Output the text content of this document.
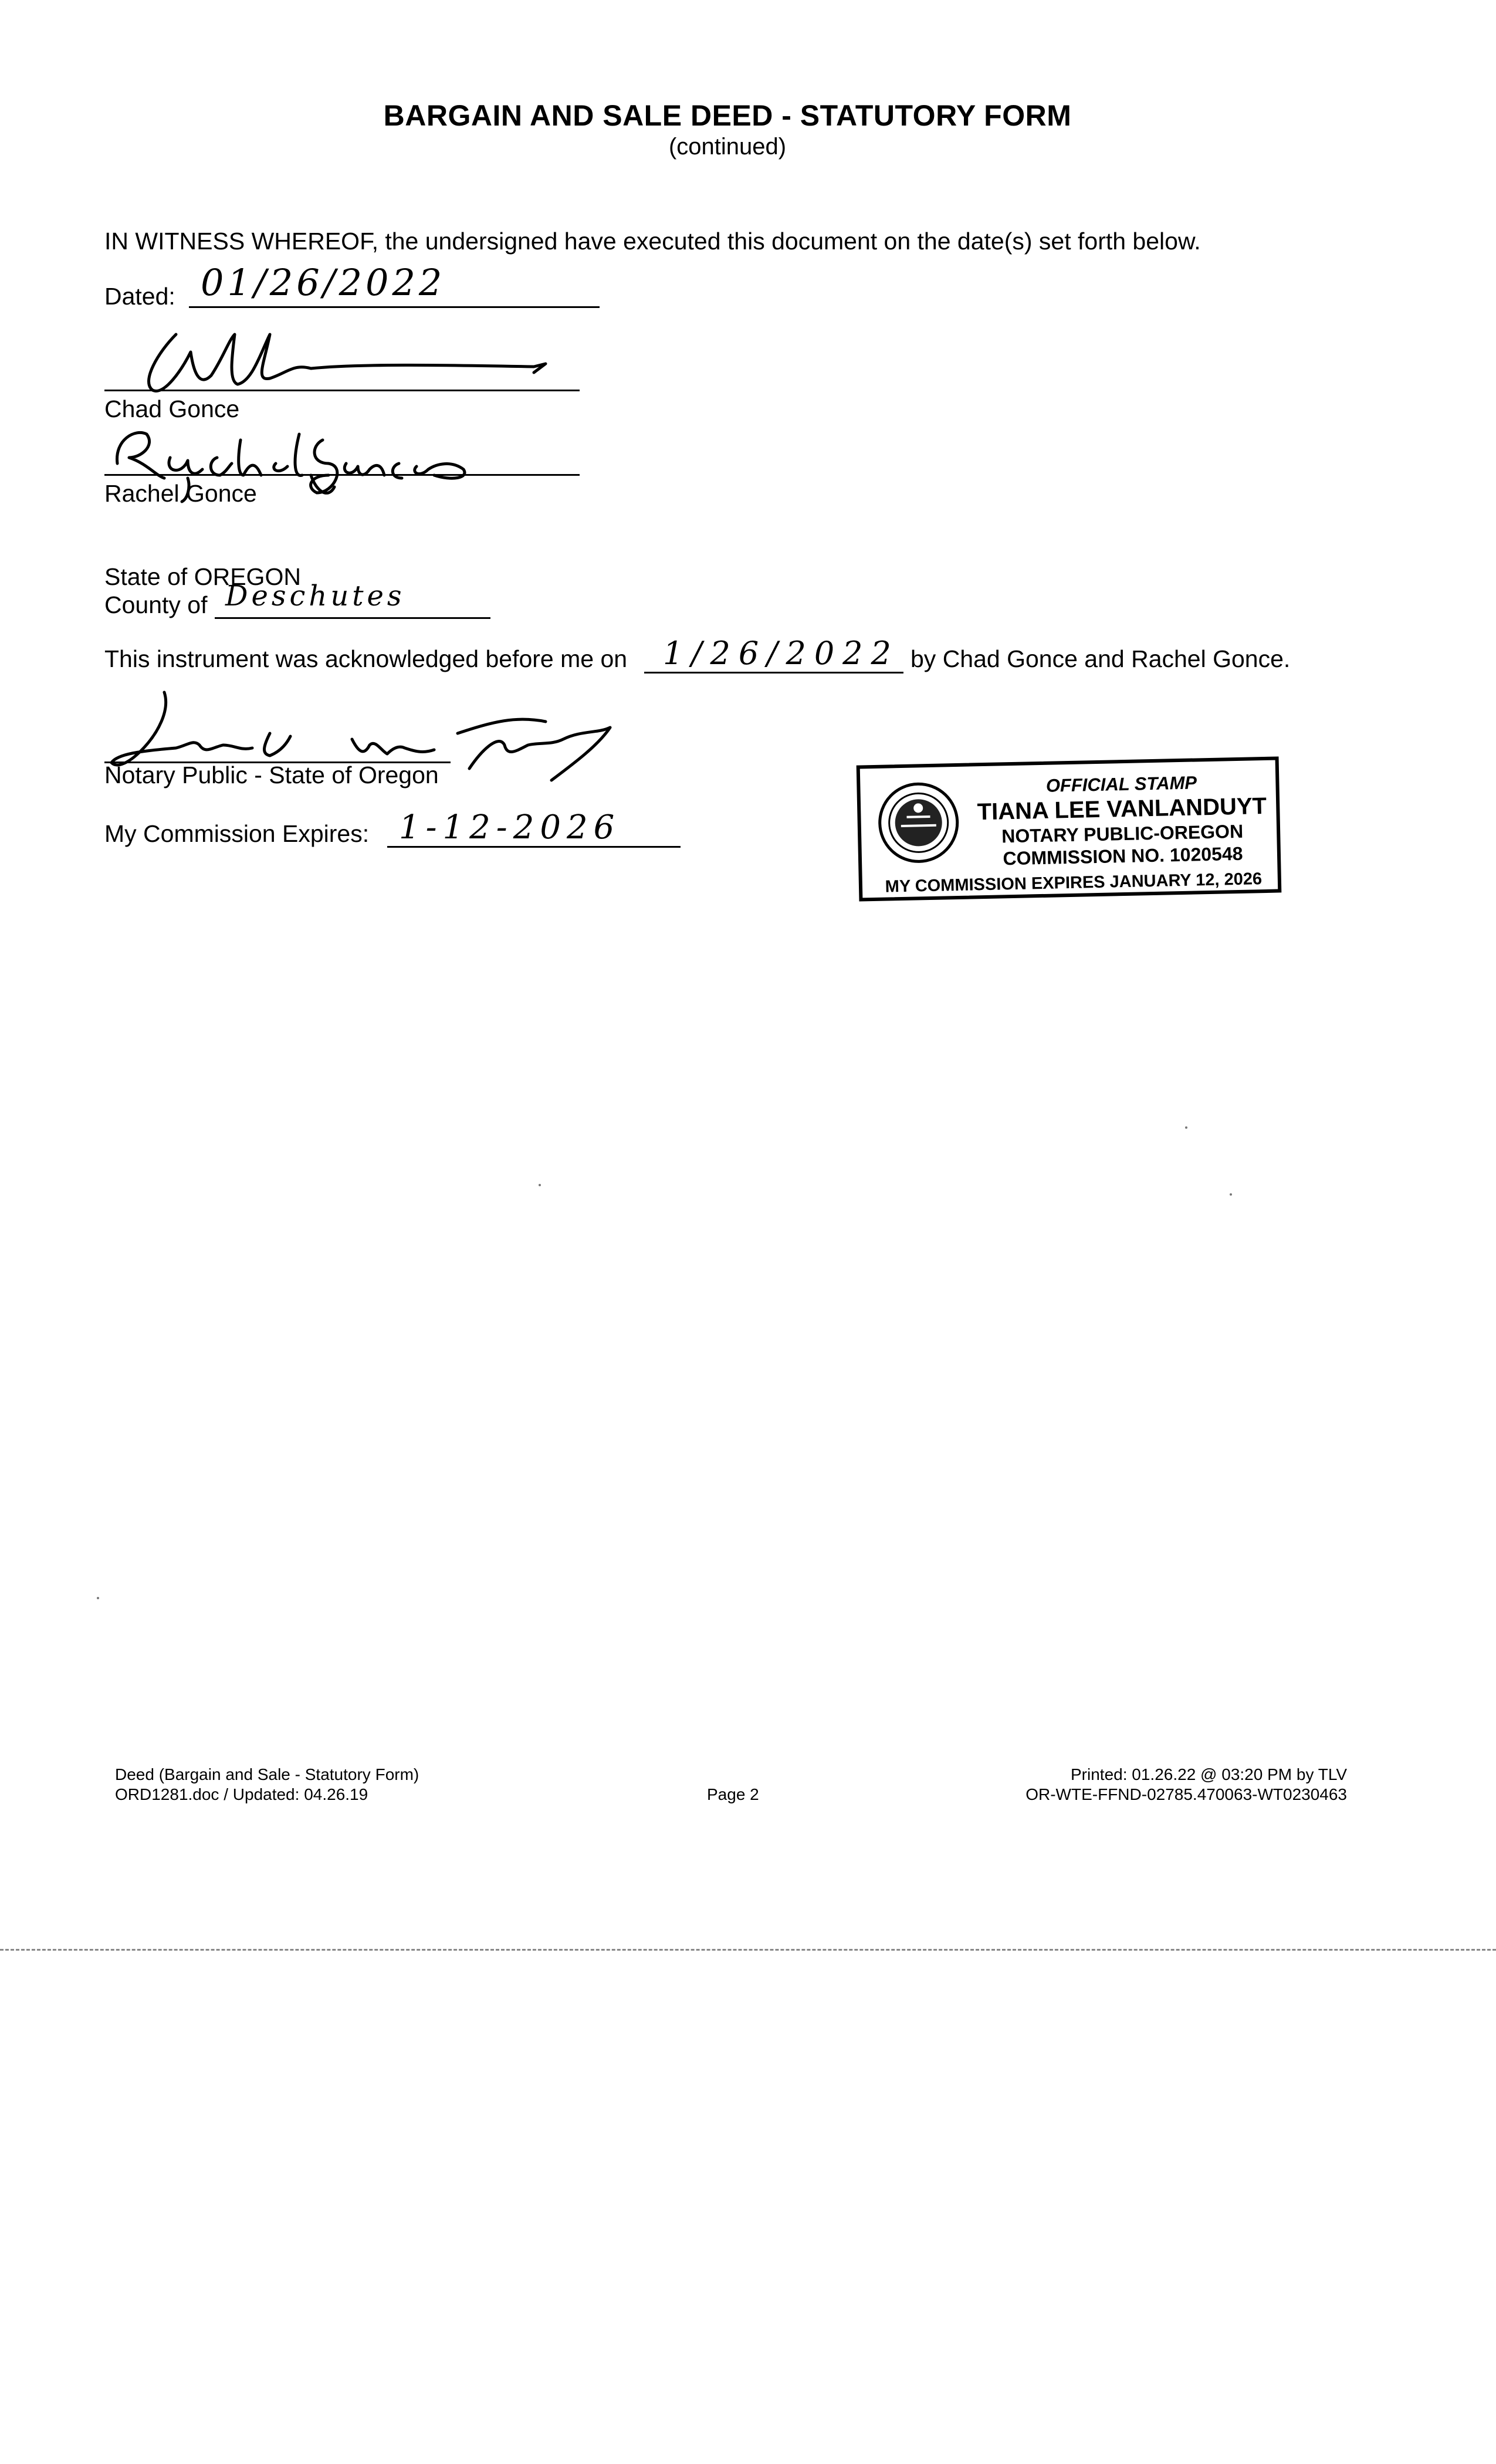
BARGAIN AND SALE DEED - STATUTORY FORM
(continued)
IN WITNESS WHEREOF, the undersigned have executed this document on the date(s) set forth below.
Dated: 01/26/2022
Chad Gonce
Rachel Gonce
State of OREGON
County of Deschutes
This instrument was acknowledged before me on 1/26/2022 by Chad Gonce and Rachel Gonce.
Notary Public - State of Oregon
My Commission Expires: 1-12-2026
OFFICIAL STAMP
TIANA LEE VANLANDUYT
NOTARY PUBLIC-OREGON
COMMISSION NO. 1020548
MY COMMISSION EXPIRES JANUARY 12, 2026
Deed (Bargain and Sale - Statutory Form)
ORD1281.doc / Updated: 04.26.19	Page 2
Printed: 01.26.22 @ 03:20 PM by TLV
OR-WTE-FFND-02785.470063-WT0230463
